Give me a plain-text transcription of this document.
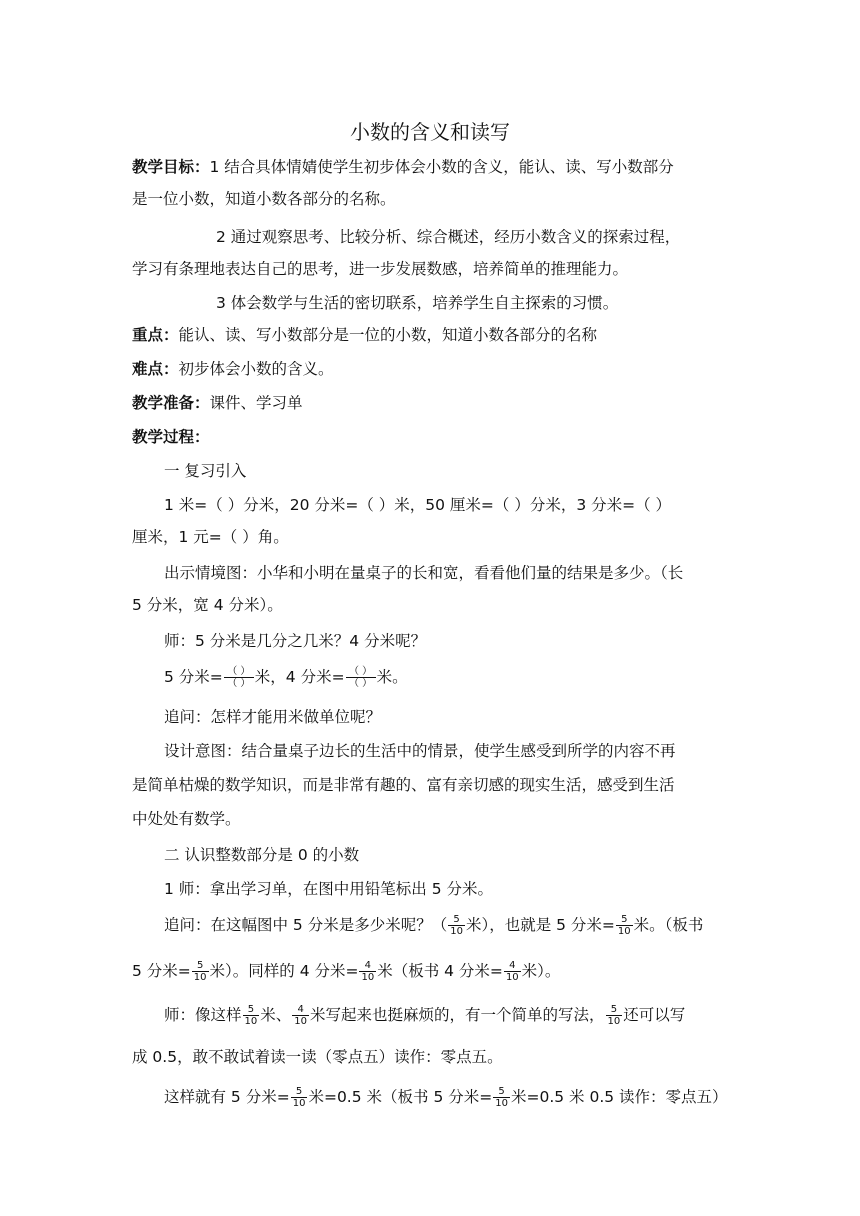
小数的含义和读写
教学目标：1 结合具体情婧使学生初步体会小数的含义，能认、读、写小数部分
是一位小数，知道小数各部分的名称。
2 通过观察思考、比较分析、综合概述，经历小数含义的探索过程，
学习有条理地表达自己的思考，进一步发展数感，培养简单的推理能力。
3 体会数学与生活的密切联系，培养学生自主探索的习惯。
重点：能认、读、写小数部分是一位的小数，知道小数各部分的名称
难点：初步体会小数的含义。
教学准备：课件、学习单
教学过程：
一 复习引入
1 米=（ ）分米，20 分米=（ ）米，50 厘米=（ ）分米，3 分米=（ ）
厘米，1 元=（ ）角。
出示情境图：小华和小明在量桌子的长和宽，看看他们量的结果是多少。（长
5 分米，宽 4 分米）。
师：5 分米是几分之几米？4 分米呢？
5 分米= $\frac{( )}{( )}$ 米，4 分米= $\frac{( )}{( )}$ 米。
追问：怎样才能用米做单位呢？
设计意图：结合量桌子边长的生活中的情景，使学生感受到所学的内容不再
是简单枯燥的数学知识，而是非常有趣的、富有亲切感的现实生活，感受到生活
中处处有数学。
二 认识整数部分是 0 的小数
1 师：拿出学习单，在图中用铅笔标出 5 分米。
追问：在这幅图中 5 分米是多少米呢？（ $\frac{5}{10}$ 米），也就是 5 分米= $\frac{5}{10}$ 米。（板书
5 分米= $\frac{5}{10}$ 米）。同样的 4 分米= $\frac{4}{10}$ 米（板书 4 分米= $\frac{4}{10}$ 米）。
师：像这样 $\frac{5}{10}$ 米、 $\frac{4}{10}$ 米写起来也挺麻烦的，有一个简单的写法， $\frac{5}{10}$ 还可以写
成 0.5，敢不敢试着读一读（零点五）读作：零点五。
这样就有 5 分米= $\frac{5}{10}$ 米=0.5 米（板书 5 分米= $\frac{5}{10}$ 米=0.5 米 0.5 读作：零点五）
